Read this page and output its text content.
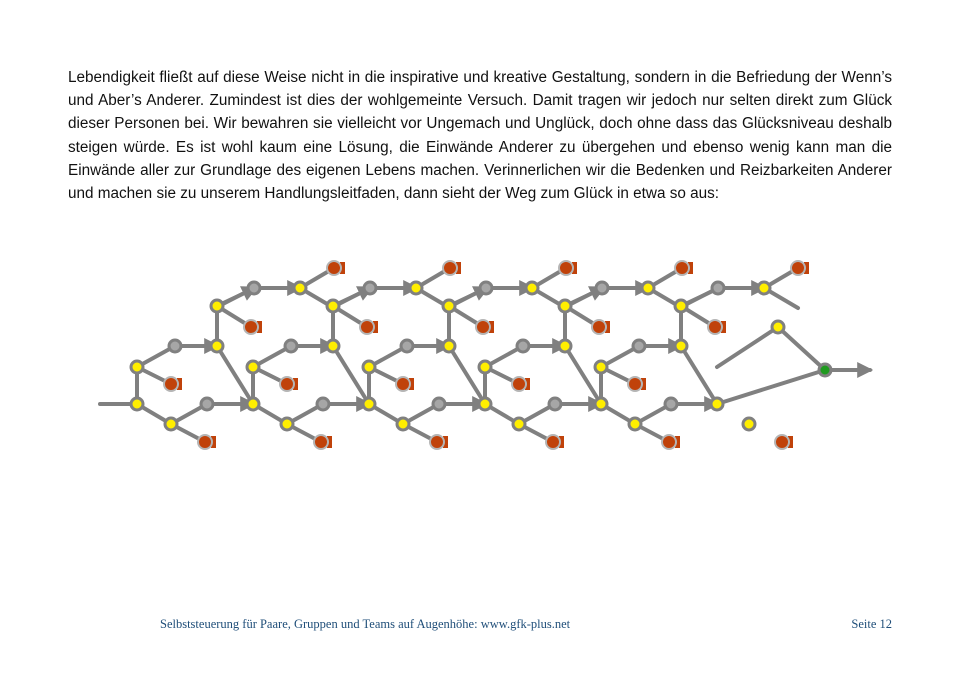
Lebendigkeit fließt auf diese Weise nicht in die inspirative und kreative Gestaltung, sondern in die Befriedung der Wenn’s und Aber’s Anderer. Zumindest ist dies der wohlgemeinte Versuch. Damit tragen wir jedoch nur selten direkt zum Glück dieser Personen bei. Wir bewahren sie vielleicht vor Ungemach und Unglück, doch ohne dass das Glücksniveau deshalb steigen würde. Es ist wohl kaum eine Lösung, die Einwände Anderer zu übergehen und ebenso wenig kann man die Einwände aller zur Grundlage des eigenen Lebens machen. Verinnerlichen wir die Bedenken und Reizbarkeiten Anderer und machen sie zu unserem Handlungsleitfaden, dann sieht der Weg zum Glück in etwa so aus:

Selbststeuerung für Paare, Gruppen und Teams auf Augenhöhe: www.gfk-plus.net	Seite 12
